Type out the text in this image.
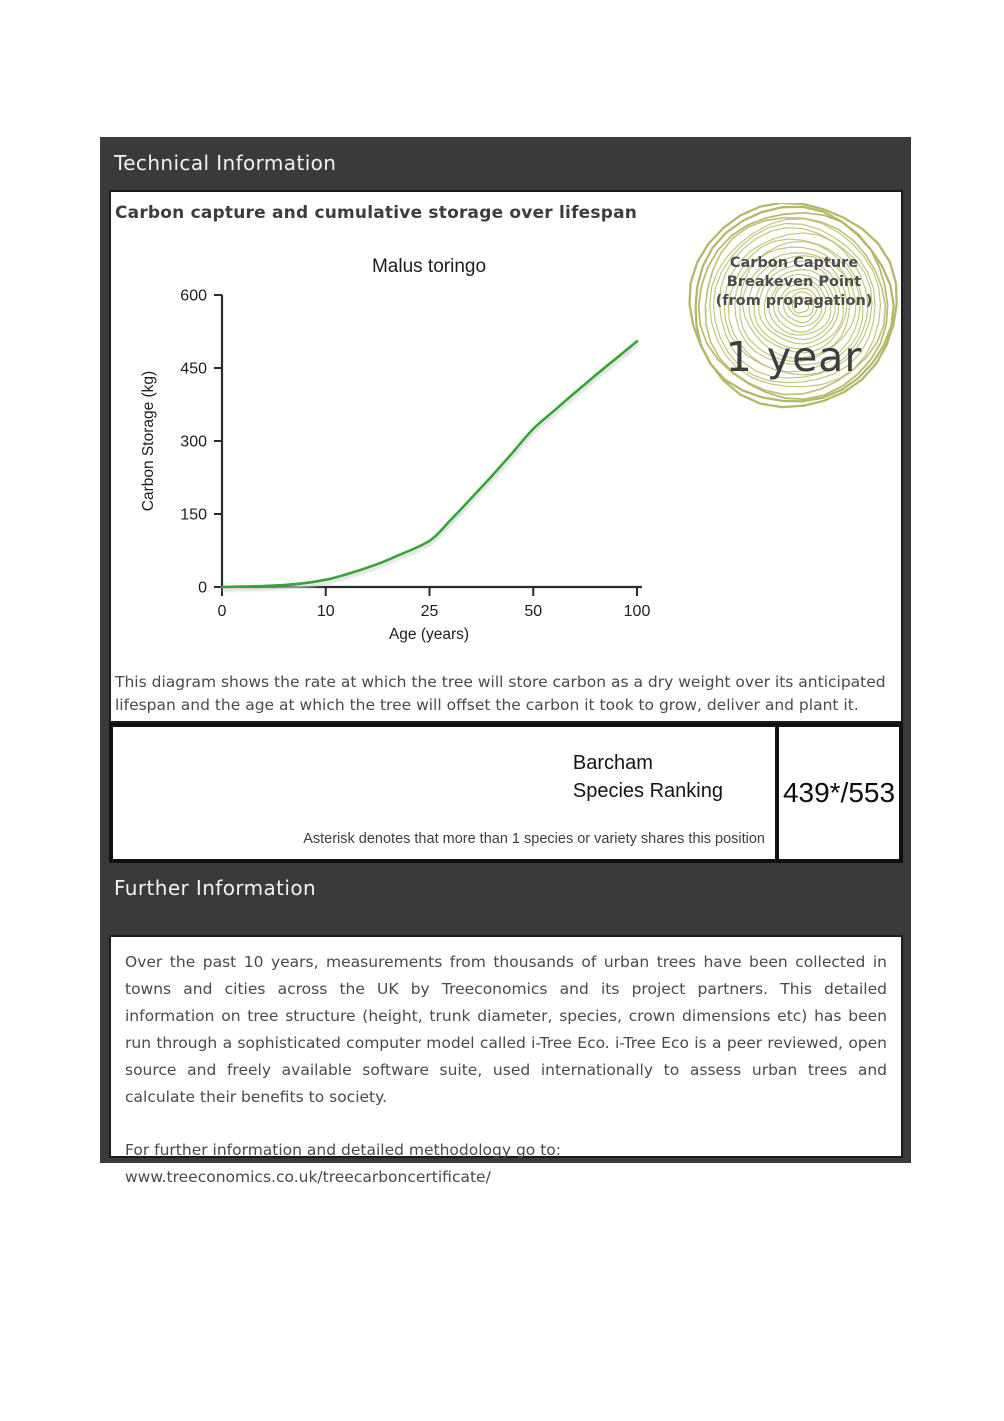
Technical Information
Carbon capture and cumulative storage over lifespan
Malus toringo
Age (years)
Carbon Storage (kg)
0
150
300
450
600
0	10	25	50	100
Carbon Capture
Breakeven Point
(from propagation)
1 year

This diagram shows the rate at which the tree will store carbon as a dry weight over its anticipated lifespan and the age at which the tree will offset the carbon it took to grow, deliver and plant it.

Barcham
Species Ranking
Asterisk denotes that more than 1 species or variety shares this position
439*/553
Further Information

Over the past 10 years, measurements from thousands of urban trees have been collected in towns and cities across the UK by Treeconomics and its project partners. This detailed information on tree structure (height, trunk diameter, species, crown dimensions etc) has been run through a sophisticated computer model called i-Tree Eco. i-Tree Eco is a peer reviewed, open source and freely available software suite, used internationally to assess urban trees and calculate their benefits to society.

For further information and detailed methodology go to: www.treeconomics.co.uk/treecarboncertificate/
